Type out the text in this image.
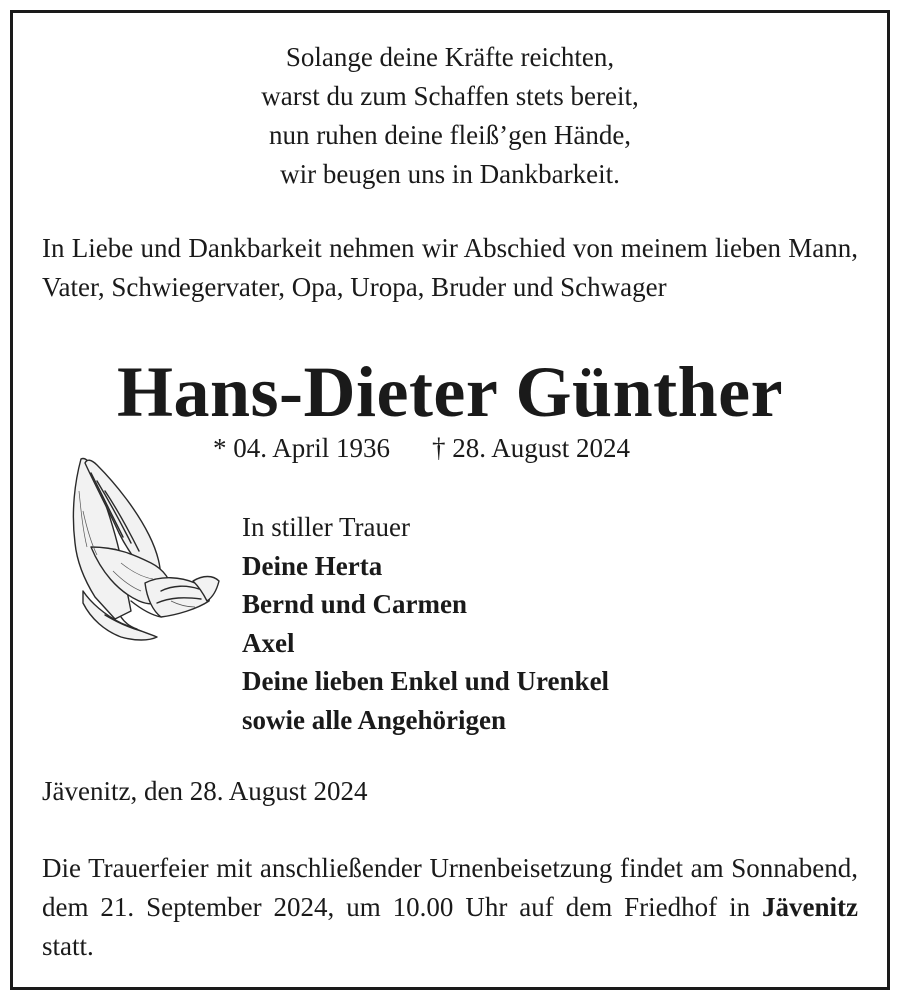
Solange deine Kräfte reichten,
warst du zum Schaffen stets bereit,
nun ruhen deine fleiß’gen Hände,
wir beugen uns in Dankbarkeit.
In Liebe und Dankbarkeit nehmen wir Abschied von meinem lieben Mann, Vater, Schwiegervater, Opa, Uropa, Bruder und Schwager
Hans-Dieter Günther
* 04. April 1936 † 28. August 2024
In stiller Trauer
Deine Herta
Bernd und Carmen
Axel
Deine lieben Enkel und Urenkel
sowie alle Angehörigen
Jävenitz, den 28. August 2024
Die Trauerfeier mit anschließender Urnenbeisetzung findet am Sonnabend, dem 21. September 2024, um 10.00 Uhr auf dem Friedhof in Jävenitz statt.
